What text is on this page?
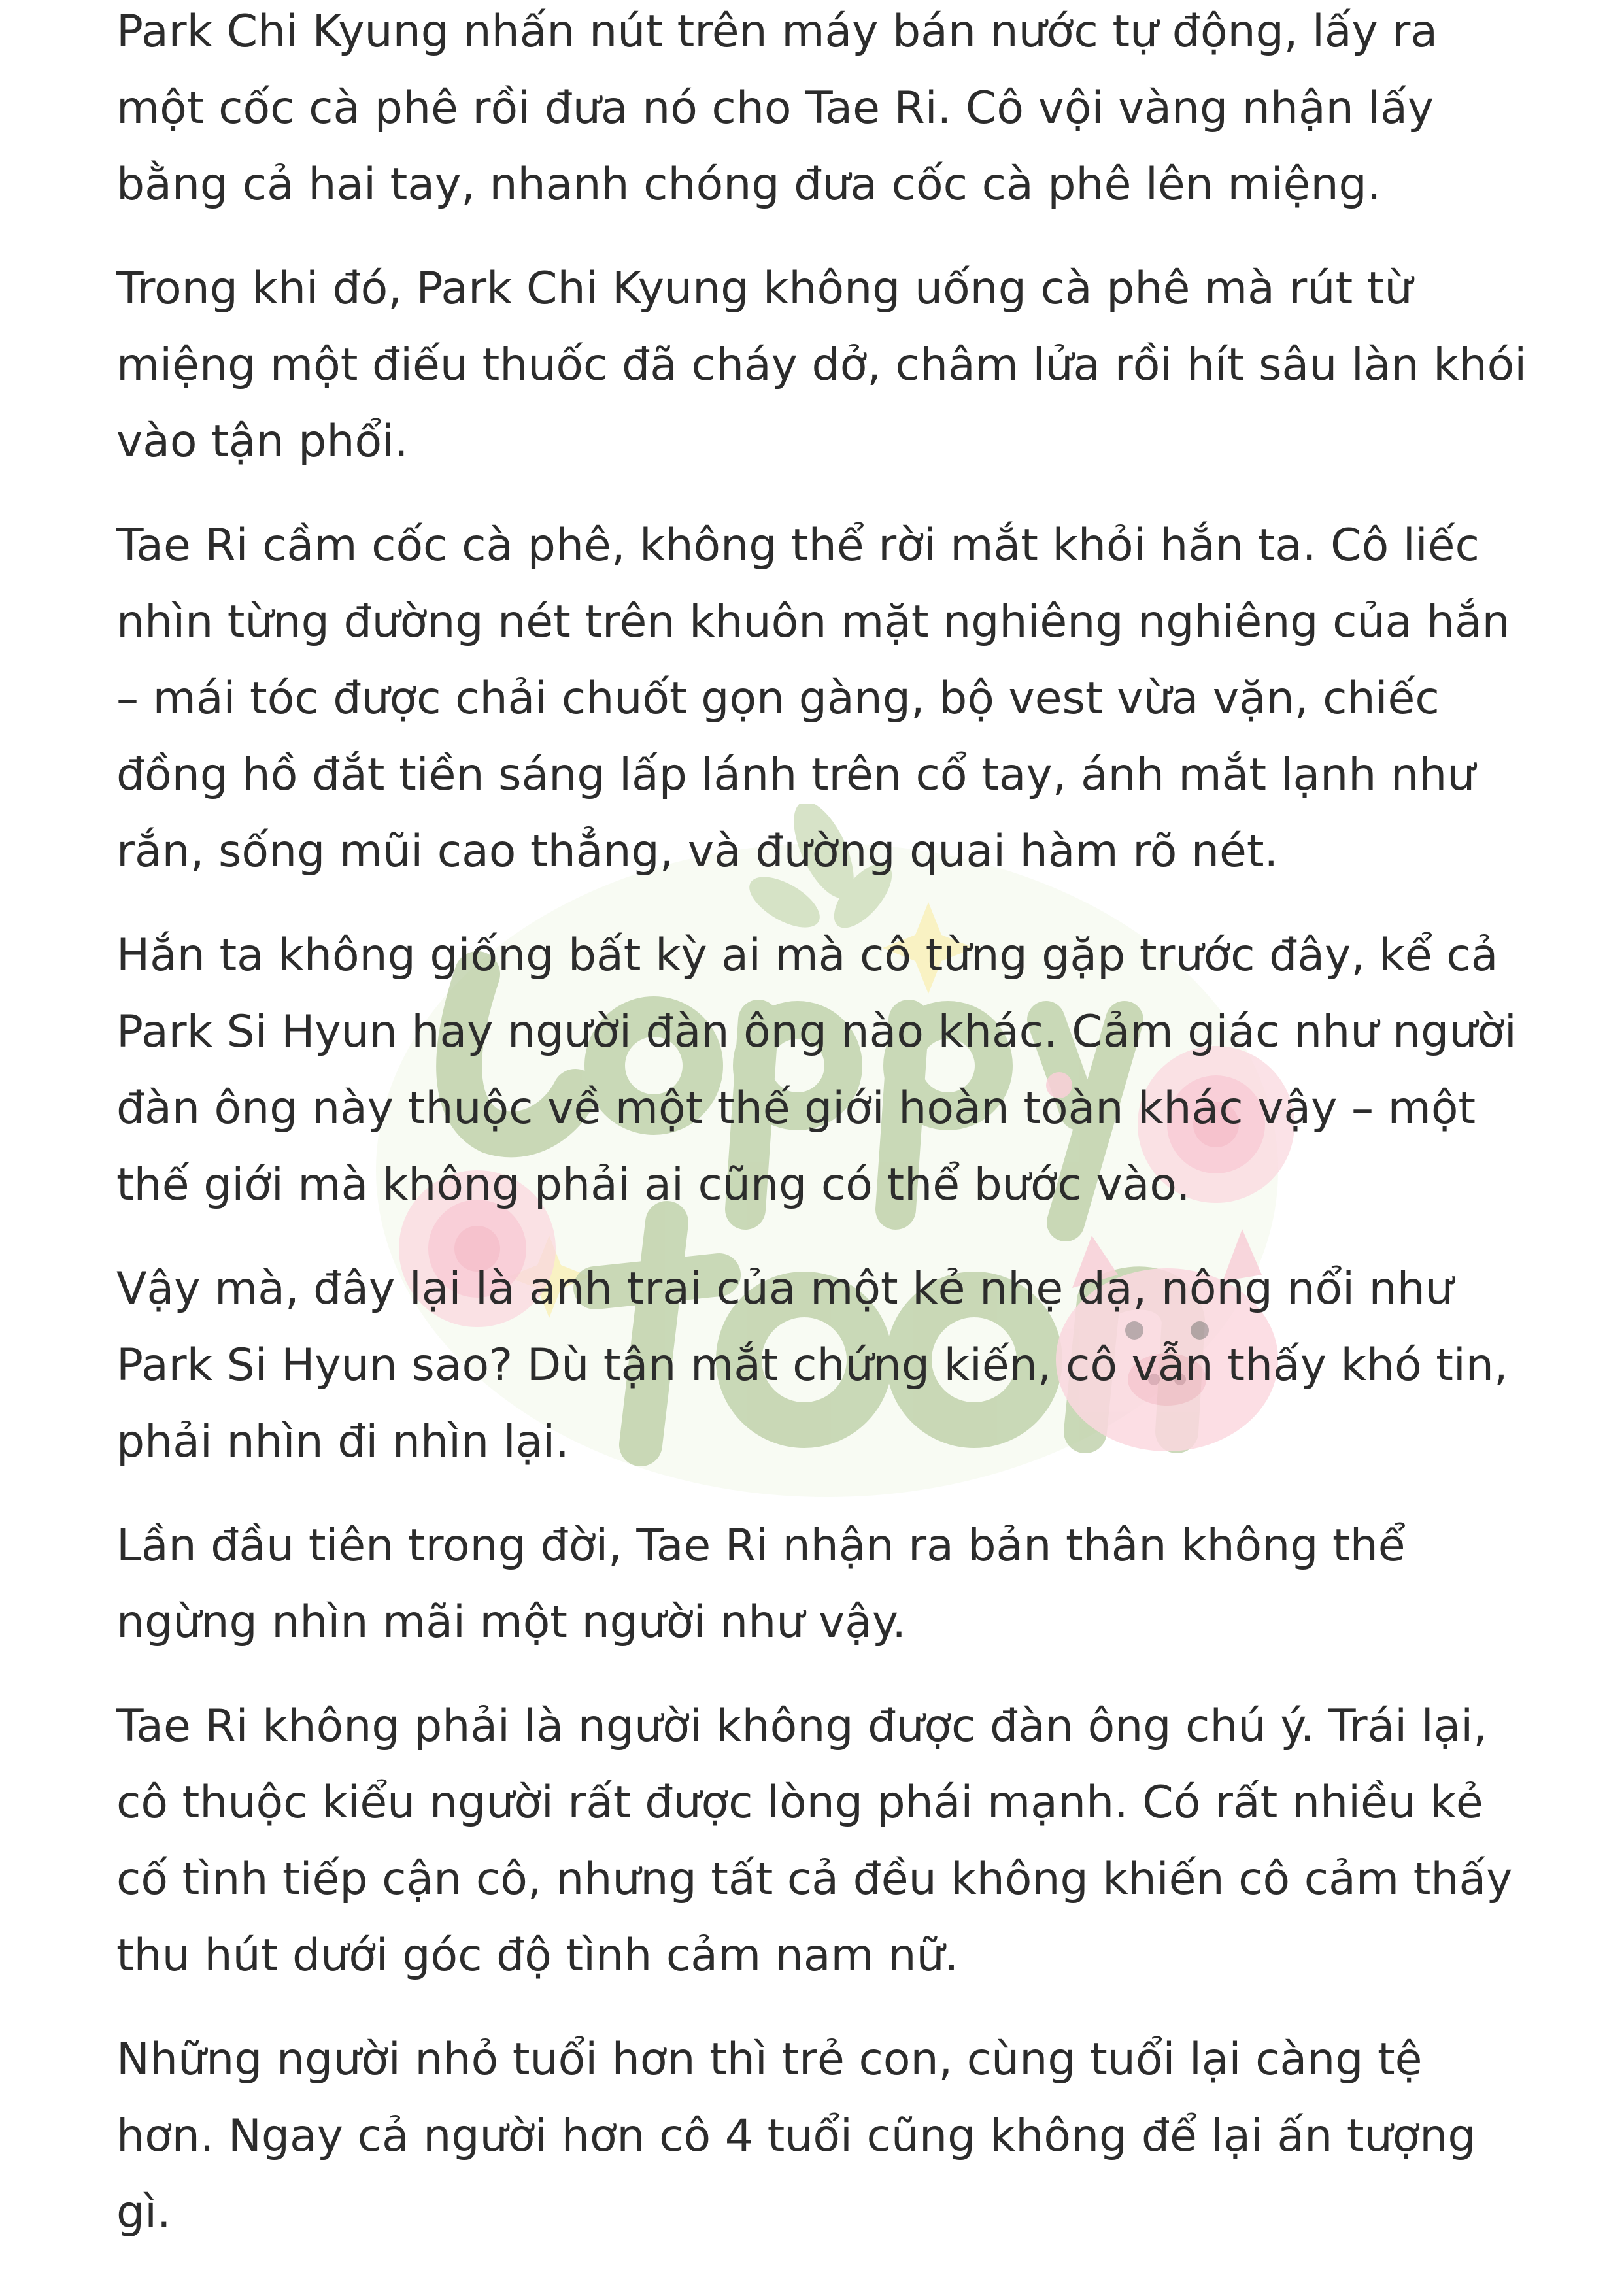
Park Chi Kyung nhấn nút trên máy bán nước tự động, lấy ra một cốc cà phê rồi đưa nó cho Tae Ri. Cô vội vàng nhận lấy bằng cả hai tay, nhanh chóng đưa cốc cà phê lên miệng.

Trong khi đó, Park Chi Kyung không uống cà phê mà rút từ miệng một điếu thuốc đã cháy dở, châm lửa rồi hít sâu làn khói vào tận phổi.

Tae Ri cầm cốc cà phê, không thể rời mắt khỏi hắn ta. Cô liếc nhìn từng đường nét trên khuôn mặt nghiêng nghiêng của hắn – mái tóc được chải chuốt gọn gàng, bộ vest vừa vặn, chiếc đồng hồ đắt tiền sáng lấp lánh trên cổ tay, ánh mắt lạnh như rắn, sống mũi cao thẳng, và đường quai hàm rõ nét.

Hắn ta không giống bất kỳ ai mà cô từng gặp trước đây, kể cả Park Si Hyun hay người đàn ông nào khác. Cảm giác như người đàn ông này thuộc về một thế giới hoàn toàn khác vậy – một thế giới mà không phải ai cũng có thể bước vào.

Vậy mà, đây lại là anh trai của một kẻ nhẹ dạ, nông nổi như Park Si Hyun sao? Dù tận mắt chứng kiến, cô vẫn thấy khó tin, phải nhìn đi nhìn lại.

Lần đầu tiên trong đời, Tae Ri nhận ra bản thân không thể ngừng nhìn mãi một người như vậy.

Tae Ri không phải là người không được đàn ông chú ý. Trái lại, cô thuộc kiểu người rất được lòng phái mạnh. Có rất nhiều kẻ cố tình tiếp cận cô, nhưng tất cả đều không khiến cô cảm thấy thu hút dưới góc độ tình cảm nam nữ.

Những người nhỏ tuổi hơn thì trẻ con, cùng tuổi lại càng tệ hơn. Ngay cả người hơn cô 4 tuổi cũng không để lại ấn tượng gì.
